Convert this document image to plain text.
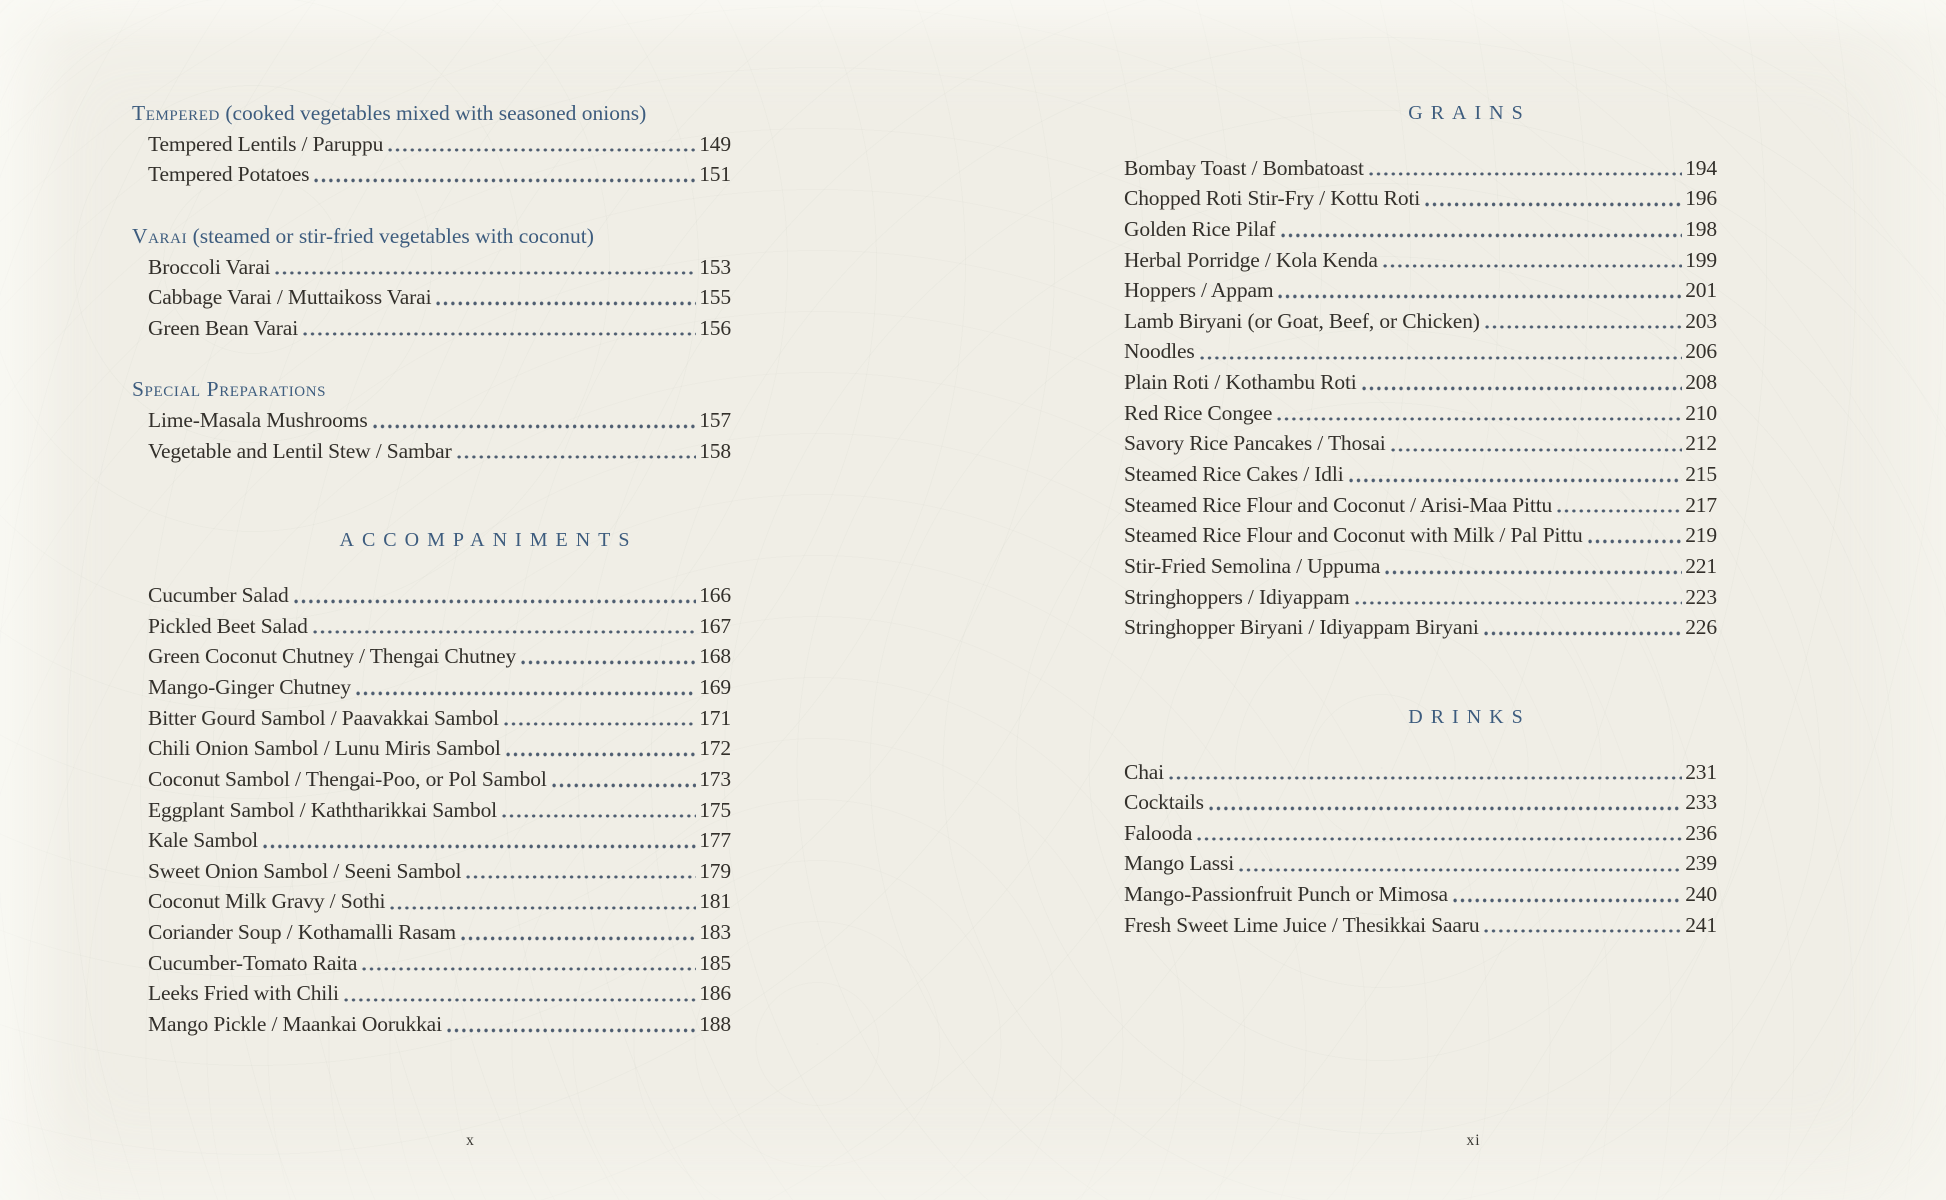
Tempered (cooked vegetables mixed with seasoned onions)
Tempered Lentils / Paruppu	149
Tempered Potatoes	151
Varai (steamed or stir-fried vegetables with coconut)
Broccoli Varai	153
Cabbage Varai / Muttaikoss Varai	155
Green Bean Varai	156
Special Preparations
Lime-Masala Mushrooms	157
Vegetable and Lentil Stew / Sambar	158
ACCOMPANIMENTS
Cucumber Salad	166
Pickled Beet Salad	167
Green Coconut Chutney / Thengai Chutney	168
Mango-Ginger Chutney	169
Bitter Gourd Sambol / Paavakkai Sambol	171
Chili Onion Sambol / Lunu Miris Sambol	172
Coconut Sambol / Thengai-Poo, or Pol Sambol	173
Eggplant Sambol / Kaththarikkai Sambol	175
Kale Sambol	177
Sweet Onion Sambol / Seeni Sambol	179
Coconut Milk Gravy / Sothi	181
Coriander Soup / Kothamalli Rasam	183
Cucumber-Tomato Raita	185
Leeks Fried with Chili	186
Mango Pickle / Maankai Oorukkai	188
x
GRAINS
Bombay Toast / Bombatoast	194
Chopped Roti Stir-Fry / Kottu Roti	196
Golden Rice Pilaf	198
Herbal Porridge / Kola Kenda	199
Hoppers / Appam	201
Lamb Biryani (or Goat, Beef, or Chicken)	203
Noodles	206
Plain Roti / Kothambu Roti	208
Red Rice Congee	210
Savory Rice Pancakes / Thosai	212
Steamed Rice Cakes / Idli	215
Steamed Rice Flour and Coconut / Arisi-Maa Pittu	217
Steamed Rice Flour and Coconut with Milk / Pal Pittu	219
Stir-Fried Semolina / Uppuma	221
Stringhoppers / Idiyappam	223
Stringhopper Biryani / Idiyappam Biryani	226
DRINKS
Chai	231
Cocktails	233
Falooda	236
Mango Lassi	239
Mango-Passionfruit Punch or Mimosa	240
Fresh Sweet Lime Juice / Thesikkai Saaru	241
xi
